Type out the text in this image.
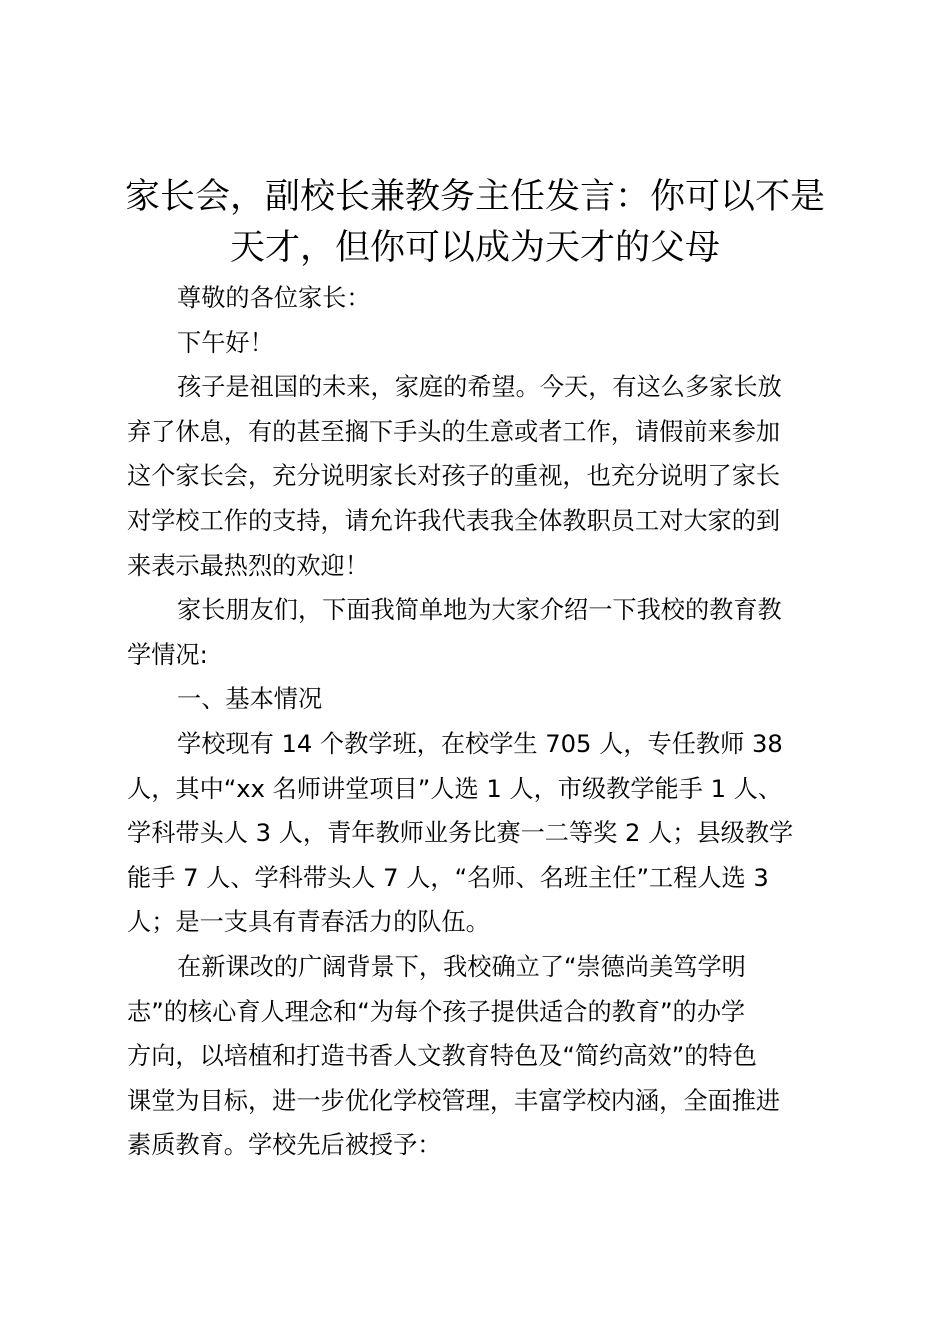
家长会，副校长兼教务主任发言：你可以不是
天才，但你可以成为天才的父母
尊敬的各位家长：
下午好！
孩子是祖国的未来，家庭的希望。今天，有这么多家长放
弃了休息，有的甚至搁下手头的生意或者工作，请假前来参加
这个家长会，充分说明家长对孩子的重视，也充分说明了家长
对学校工作的支持，请允许我代表我全体教职员工对大家的到
来表示最热烈的欢迎！
家长朋友们，下面我简单地为大家介绍一下我校的教育教
学情况:
一、基本情况
学校现有 14 个教学班，在校学生 705 人，专任教师 38
人，其中“xx 名师讲堂项目”人选 1 人，市级教学能手 1 人、
学科带头人 3 人，青年教师业务比赛一二等奖 2 人；县级教学
能手 7 人、学科带头人 7 人，“名师、名班主任”工程人选 3
人；是一支具有青春活力的队伍。
在新课改的广阔背景下，我校确立了“崇德尚美笃学明
志”的核心育人理念和“为每个孩子提供适合的教育”的办学
方向，以培植和打造书香人文教育特色及“简约高效”的特色
课堂为目标，进一步优化学校管理，丰富学校内涵，全面推进
素质教育。学校先后被授予：
